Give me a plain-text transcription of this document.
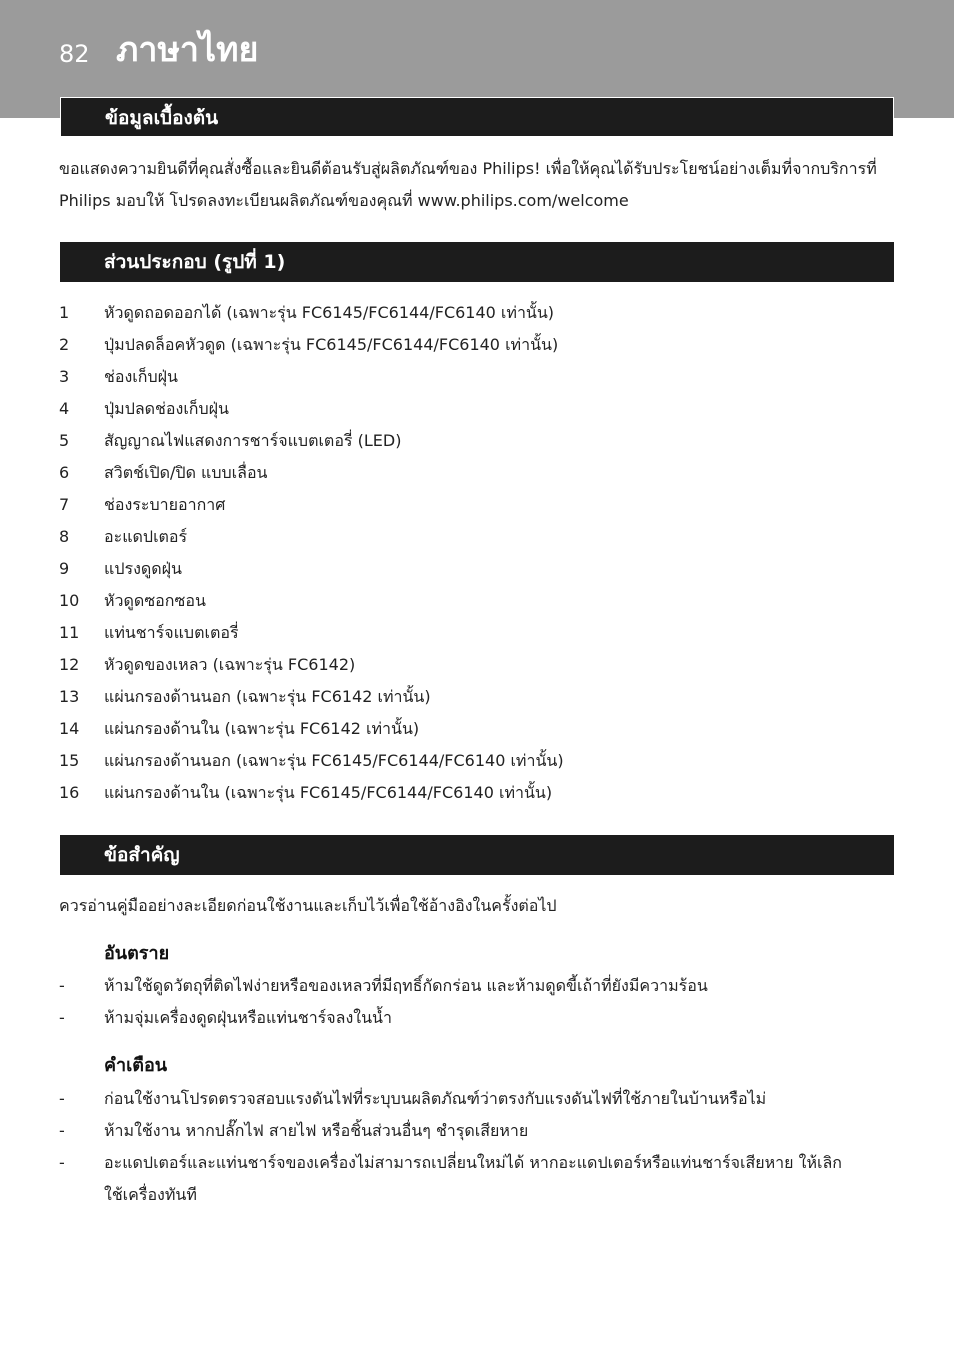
82 ภาษาไทย
ข้อมูลเบื้องต้น

ขอแสดงความยินดีที่คุณสั่งซื้อและยินดีต้อนรับสู่ผลิตภัณฑ์ของ Philips! เพื่อให้คุณได้รับประโยชน์อย่างเต็มที่จากบริการที่ Philips มอบให้ โปรดลงทะเบียนผลิตภัณฑ์ของคุณที่ www.philips.com/welcome

ส่วนประกอบ (รูปที่ 1)
1 หัวดูดถอดออกได้ (เฉพาะรุ่น FC6145/FC6144/FC6140 เท่านั้น)
2 ปุ่มปลดล็อคหัวดูด (เฉพาะรุ่น FC6145/FC6144/FC6140 เท่านั้น)
3 ช่องเก็บฝุ่น
4 ปุ่มปลดช่องเก็บฝุ่น
5 สัญญาณไฟแสดงการชาร์จแบตเตอรี่ (LED)
6 สวิตช์เปิด/ปิด แบบเลื่อน
7 ช่องระบายอากาศ
8 อะแดปเตอร์
9 แปรงดูดฝุ่น
10 หัวดูดซอกซอน
11 แท่นชาร์จแบตเตอรี่
12 หัวดูดของเหลว (เฉพาะรุ่น FC6142)
13 แผ่นกรองด้านนอก (เฉพาะรุ่น FC6142 เท่านั้น)
14 แผ่นกรองด้านใน (เฉพาะรุ่น FC6142 เท่านั้น)
15 แผ่นกรองด้านนอก (เฉพาะรุ่น FC6145/FC6144/FC6140 เท่านั้น)
16 แผ่นกรองด้านใน (เฉพาะรุ่น FC6145/FC6144/FC6140 เท่านั้น)
ข้อสำคัญ

ควรอ่านคู่มืออย่างละเอียดก่อนใช้งานและเก็บไว้เพื่อใช้อ้างอิงในครั้งต่อไป

อันตราย
- ห้ามใช้ดูดวัตถุที่ติดไฟง่ายหรือของเหลวที่มีฤทธิ์กัดกร่อน และห้ามดูดขี้เถ้าที่ยังมีความร้อน
- ห้ามจุ่มเครื่องดูดฝุ่นหรือแท่นชาร์จลงในน้ำ
คำเตือน
- ก่อนใช้งานโปรดตรวจสอบแรงดันไฟที่ระบุบนผลิตภัณฑ์ว่าตรงกับแรงดันไฟที่ใช้ภายในบ้านหรือไม่
- ห้ามใช้งาน หากปลั๊กไฟ สายไฟ หรือชิ้นส่วนอื่นๆ ชำรุดเสียหาย
- อะแดปเตอร์และแท่นชาร์จของเครื่องไม่สามารถเปลี่ยนใหม่ได้ หากอะแดปเตอร์หรือแท่นชาร์จเสียหาย ให้เลิกใช้เครื่องทันที
